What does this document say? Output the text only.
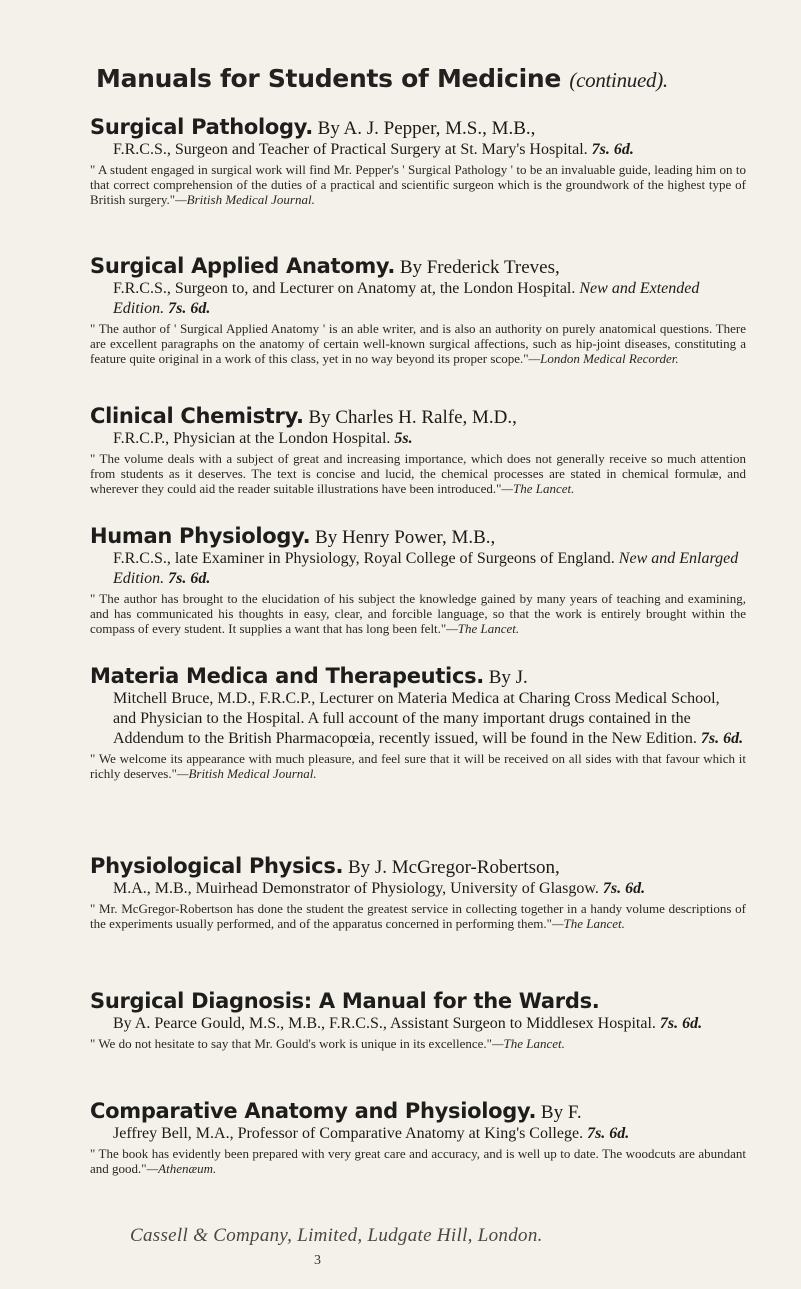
Manuals for Students of Medicine (continued).

Surgical Pathology. By A. J. Pepper, M.S., M.B.,

F.R.C.S., Surgeon and Teacher of Practical Surgery at St. Mary's Hospital. 7s. 6d.

" A student engaged in surgical work will find Mr. Pepper's ' Surgical Pathology ' to be an invaluable guide, leading him on to that correct comprehension of the duties of a practical and scientific surgeon which is the groundwork of the highest type of British surgery."—British Medical Journal.

Surgical Applied Anatomy. By Frederick Treves,

F.R.C.S., Surgeon to, and Lecturer on Anatomy at, the London Hospital. New and Extended Edition. 7s. 6d.

" The author of ' Surgical Applied Anatomy ' is an able writer, and is also an authority on purely anatomical questions. There are excellent paragraphs on the anatomy of certain well-known surgical affections, such as hip-joint diseases, constituting a feature quite original in a work of this class, yet in no way beyond its proper scope."—London Medical Recorder.

Clinical Chemistry. By Charles H. Ralfe, M.D.,

F.R.C.P., Physician at the London Hospital. 5s.

" The volume deals with a subject of great and increasing importance, which does not generally receive so much attention from students as it deserves. The text is concise and lucid, the chemical processes are stated in chemical formulæ, and wherever they could aid the reader suitable illustrations have been introduced."—The Lancet.

Human Physiology. By Henry Power, M.B.,

F.R.C.S., late Examiner in Physiology, Royal College of Surgeons of England. New and Enlarged Edition. 7s. 6d.

" The author has brought to the elucidation of his subject the knowledge gained by many years of teaching and examining, and has communicated his thoughts in easy, clear, and forcible language, so that the work is entirely brought within the compass of every student. It supplies a want that has long been felt."—The Lancet.

Materia Medica and Therapeutics. By J.

Mitchell Bruce, M.D., F.R.C.P., Lecturer on Materia Medica at Charing Cross Medical School, and Physician to the Hospital. A full account of the many important drugs contained in the Addendum to the British Pharmacopœia, recently issued, will be found in the New Edition. 7s. 6d.

" We welcome its appearance with much pleasure, and feel sure that it will be received on all sides with that favour which it richly deserves."—British Medical Journal.

Physiological Physics. By J. McGregor-Robertson,

M.A., M.B., Muirhead Demonstrator of Physiology, University of Glasgow. 7s. 6d.

" Mr. McGregor-Robertson has done the student the greatest service in collecting together in a handy volume descriptions of the experiments usually performed, and of the apparatus concerned in performing them."—The Lancet.

Surgical Diagnosis: A Manual for the Wards.

By A. Pearce Gould, M.S., M.B., F.R.C.S., Assistant Surgeon to Middlesex Hospital. 7s. 6d.

" We do not hesitate to say that Mr. Gould's work is unique in its excellence."—The Lancet.

Comparative Anatomy and Physiology. By F.

Jeffrey Bell, M.A., Professor of Comparative Anatomy at King's College. 7s. 6d.

" The book has evidently been prepared with very great care and accuracy, and is well up to date. The woodcuts are abundant and good."—Athenæum.

Cassell & Company, Limited, Ludgate Hill, London.
3
